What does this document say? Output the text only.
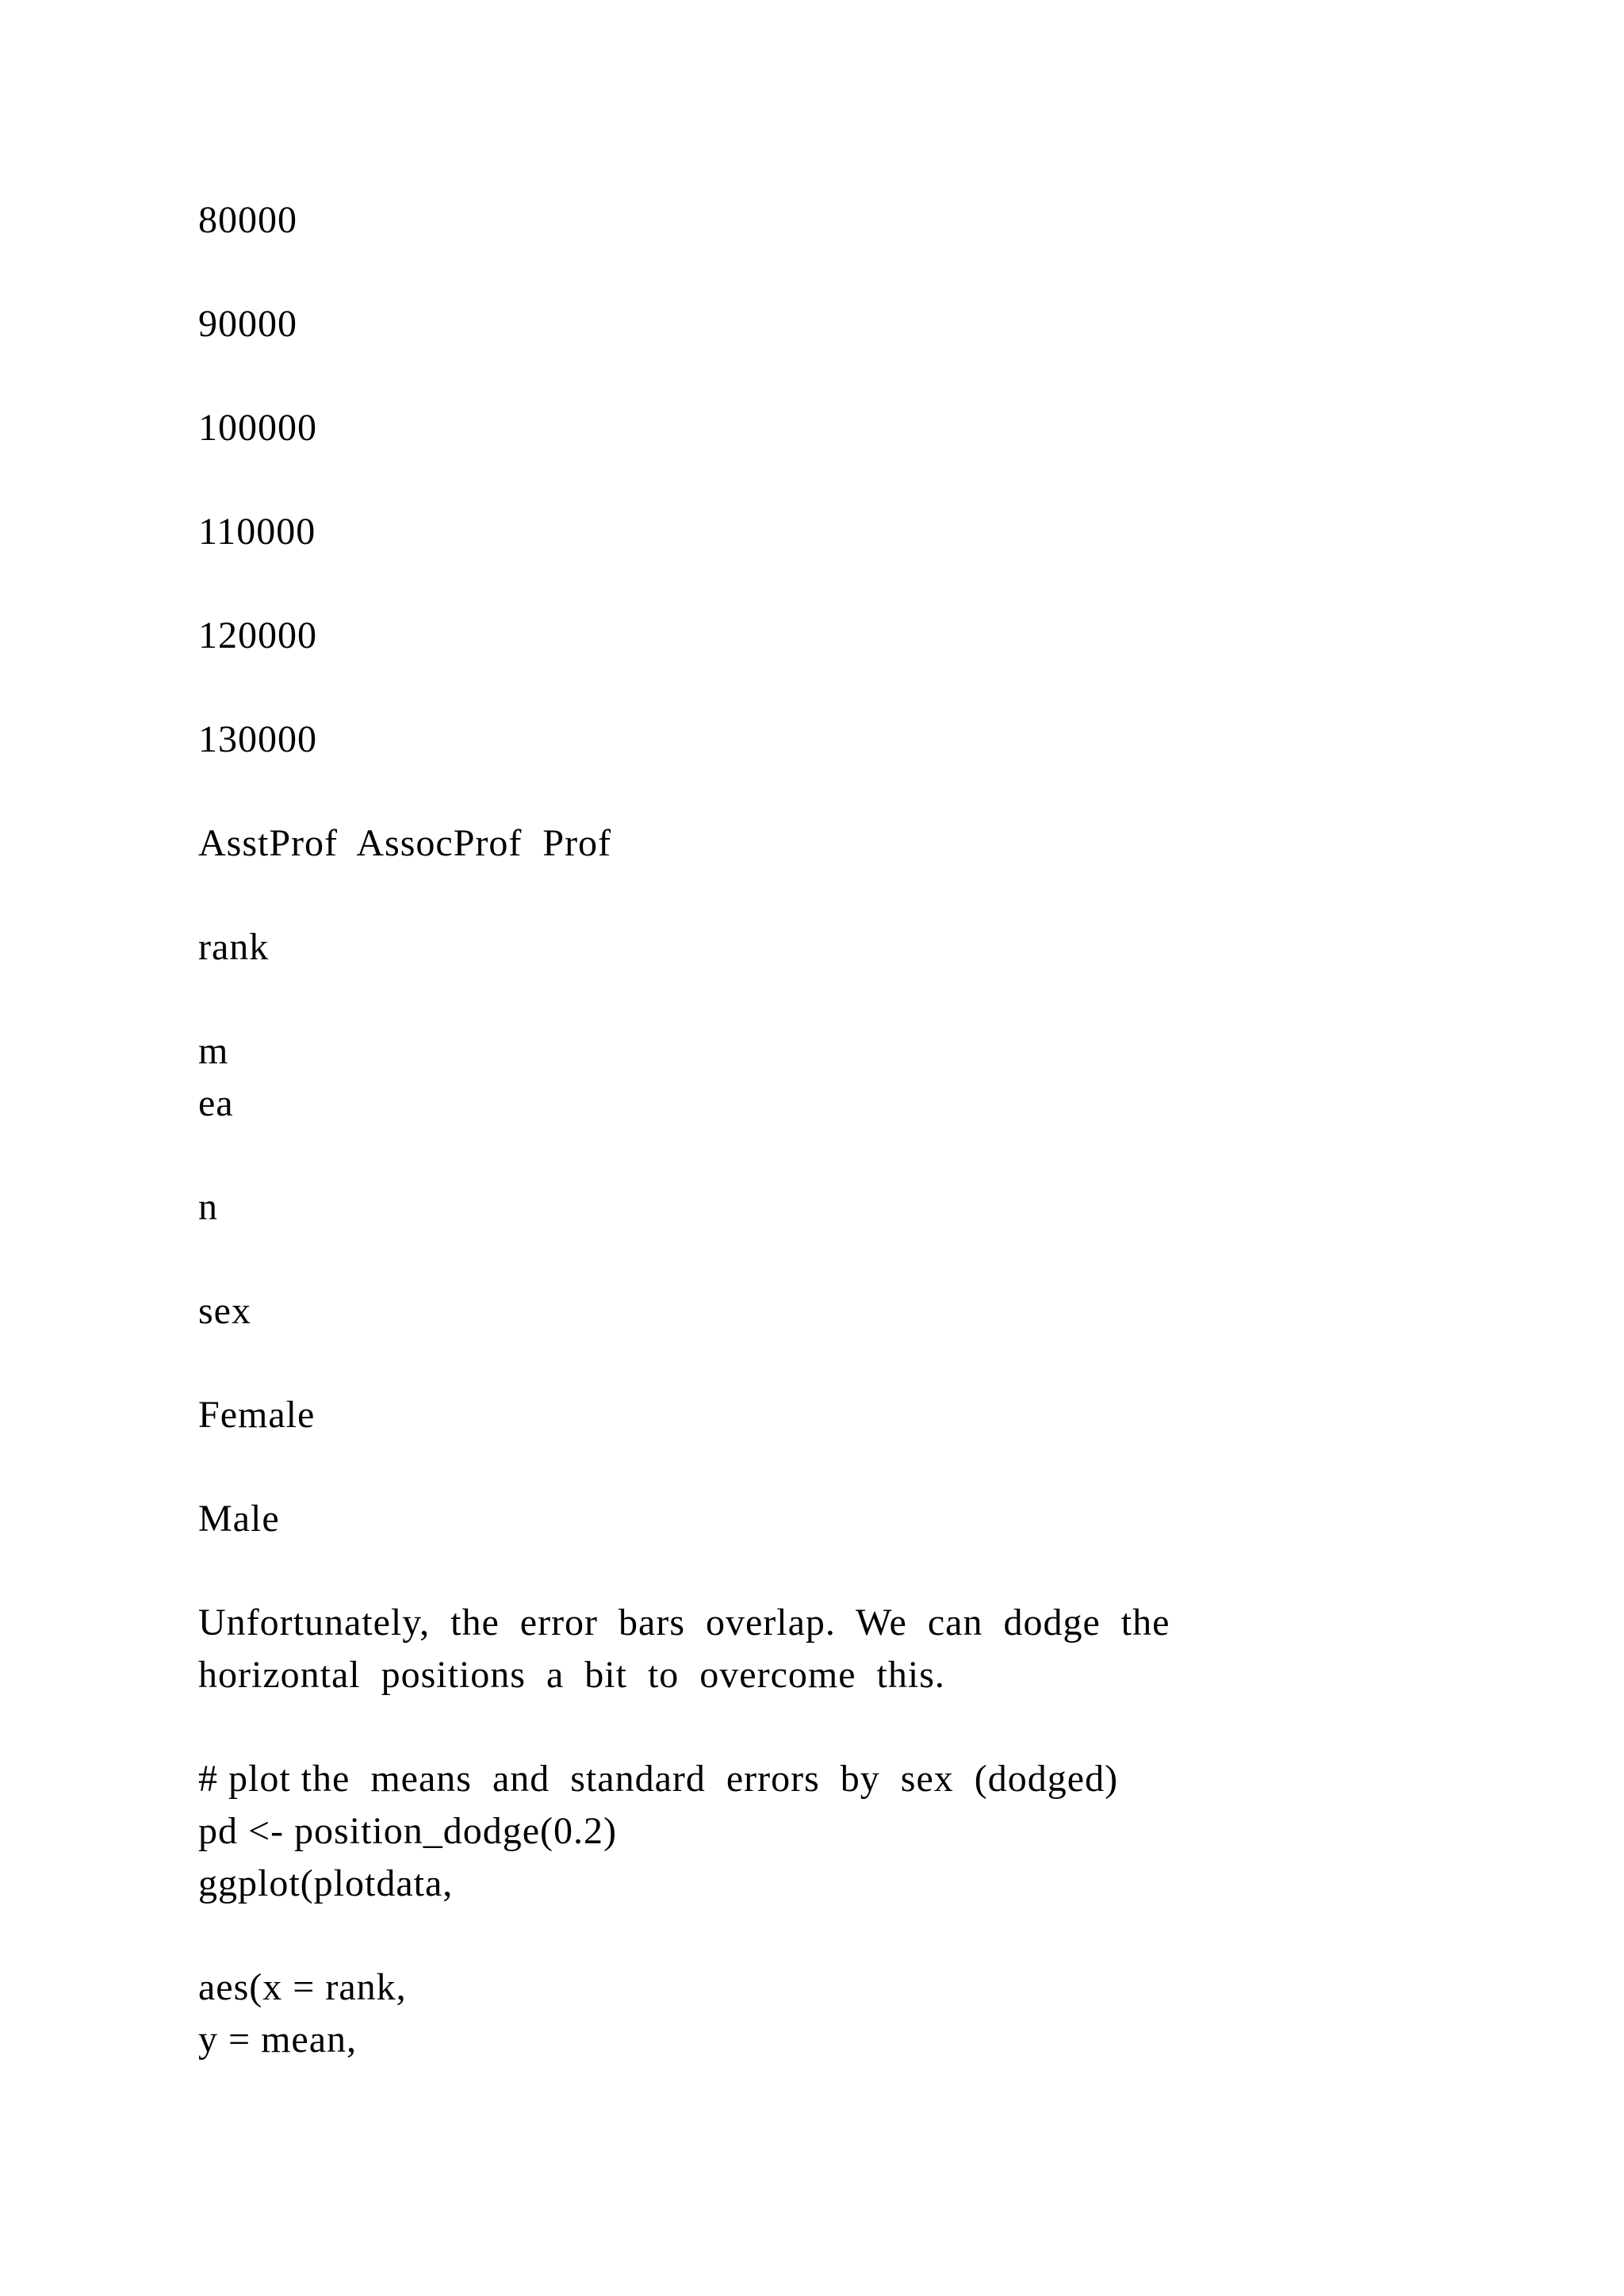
80000

90000

100000

110000

120000

130000

AsstProf  AssocProf  Prof

rank

m

ea

n

sex

Female

Male

Unfortunately,  the  error  bars  overlap.  We  can  dodge  the

horizontal  positions  a  bit  to  overcome  this.

# plot the  means  and  standard  errors  by  sex  (dodged)

pd <- position_dodge(0.2)

ggplot(plotdata,

aes(x = rank,

y = mean,
